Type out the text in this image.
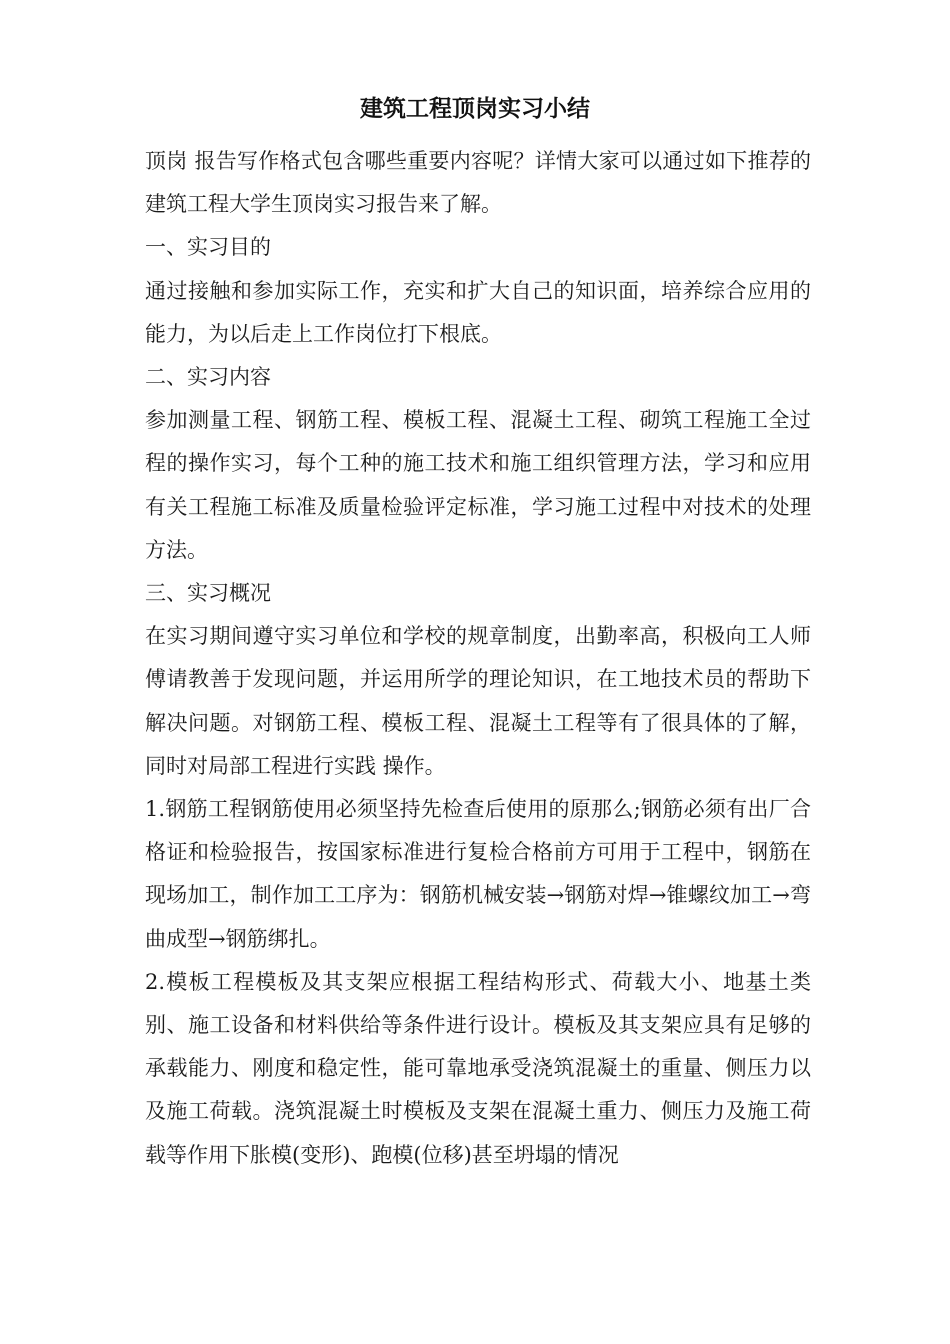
建筑工程顶岗实习小结

顶岗 报告写作格式包含哪些重要内容呢？详情大家可以通过如下推荐的建筑工程大学生顶岗实习报告来了解。

一、实习目的

通过接触和参加实际工作，充实和扩大自己的知识面，培养综合应用的能力，为以后走上工作岗位打下根底。

二、实习内容

参加测量工程、钢筋工程、模板工程、混凝土工程、砌筑工程施工全过程的操作实习，每个工种的施工技术和施工组织管理方法，学习和应用有关工程施工标准及质量检验评定标准，学习施工过程中对技术的处理方法。

三、实习概况

在实习期间遵守实习单位和学校的规章制度，出勤率高，积极向工人师傅请教善于发现问题，并运用所学的理论知识，在工地技术员的帮助下解决问题。对钢筋工程、模板工程、混凝土工程等有了很具体的了解，同时对局部工程进行实践 操作。

1.钢筋工程钢筋使用必须坚持先检查后使用的原那么;钢筋必须有出厂合格证和检验报告，按国家标准进行复检合格前方可用于工程中，钢筋在现场加工，制作加工工序为：钢筋机械安装→钢筋对焊→锥螺纹加工→弯曲成型→钢筋绑扎。

2.模板工程模板及其支架应根据工程结构形式、荷载大小、地基土类别、施工设备和材料供给等条件进行设计。模板及其支架应具有足够的承载能力、刚度和稳定性，能可靠地承受浇筑混凝土的重量、侧压力以及施工荷载。浇筑混凝土时模板及支架在混凝土重力、侧压力及施工荷载等作用下胀模(变形)、跑模(位移)甚至坍塌的情况
